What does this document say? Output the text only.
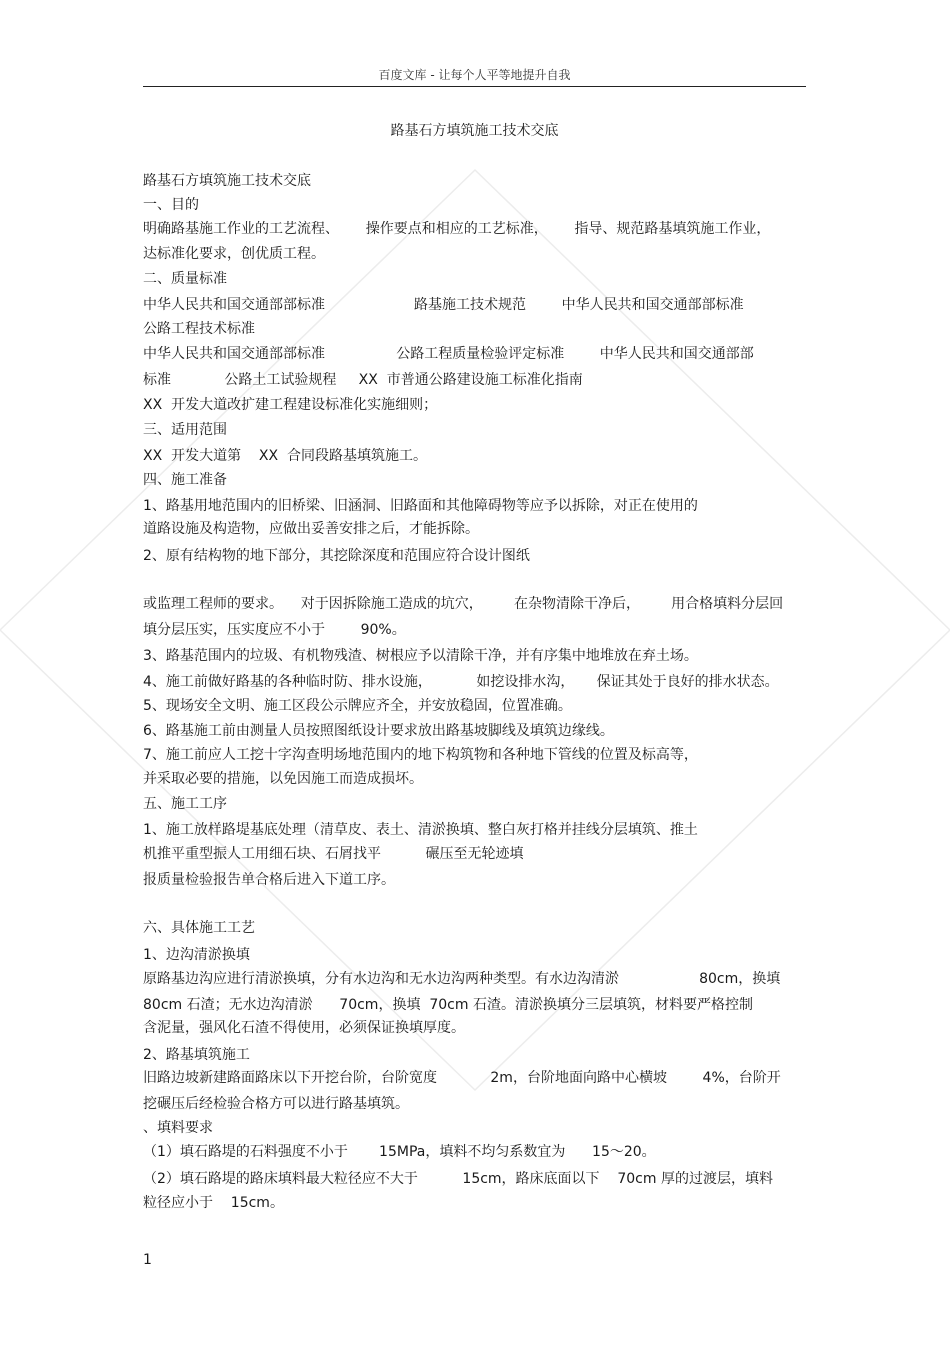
百度文库 - 让每个人平等地提升自我
路基石方填筑施工技术交底
路基石方填筑施工技术交底
一、目的
明确路基施工作业的工艺流程、      操作要点和相应的工艺标准，      指导、规范路基填筑施工作业，
达标准化要求，创优质工程。
二、质量标准
中华人民共和国交通部部标准                    路基施工技术规范        中华人民共和国交通部部标准
公路工程技术标准
中华人民共和国交通部部标准                公路工程质量检验评定标准        中华人民共和国交通部部
标准            公路土工试验规程     XX  市普通公路建设施工标准化指南
XX  开发大道改扩建工程建设标准化实施细则；
三、适用范围
XX  开发大道第    XX  合同段路基填筑施工。
四、施工准备
1、路基用地范围内的旧桥梁、旧涵洞、旧路面和其他障碍物等应予以拆除，对正在使用的
道路设施及构造物，应做出妥善安排之后，才能拆除。
2、原有结构物的地下部分，其挖除深度和范围应符合设计图纸
或监理工程师的要求。    对于因拆除施工造成的坑穴，       在杂物清除干净后，       用合格填料分层回
填分层压实，压实度应不小于        90%。
3、路基范围内的垃圾、有机物残渣、树根应予以清除干净，并有序集中地堆放在弃土场。
4、施工前做好路基的各种临时防、排水设施，          如挖设排水沟，     保证其处于良好的排水状态。
5、现场安全文明、施工区段公示牌应齐全，并安放稳固，位置准确。
6、路基施工前由测量人员按照图纸设计要求放出路基坡脚线及填筑边缘线。
7、施工前应人工挖十字沟查明场地范围内的地下构筑物和各种地下管线的位置及标高等，
并采取必要的措施，以免因施工而造成损坏。
五、施工工序
1、施工放样路堤基底处理（清草皮、表土、清淤换填、整白灰打格并挂线分层填筑、推土
机推平重型振人工用细石块、石屑找平          碾压至无轮迹填
报质量检验报告单合格后进入下道工序。
六、具体施工工艺
1、边沟清淤换填
原路基边沟应进行清淤换填，分有水边沟和无水边沟两种类型。有水边沟清淤                  80cm，换填
80cm 石渣；无水边沟清淤      70cm，换填  70cm 石渣。清淤换填分三层填筑，材料要严格控制
含泥量，强风化石渣不得使用，必须保证换填厚度。
2、路基填筑施工
旧路边坡新建路面路床以下开挖台阶，台阶宽度            2m，台阶地面向路中心横坡        4%，台阶开
挖碾压后经检验合格方可以进行路基填筑。
、填料要求
（1）填石路堤的石料强度不小于       15MPa，填料不均匀系数宜为      15～20。
（2）填石路堤的路床填料最大粒径应不大于          15cm，路床底面以下    70cm 厚的过渡层，填料
粒径应小于    15cm。
1
